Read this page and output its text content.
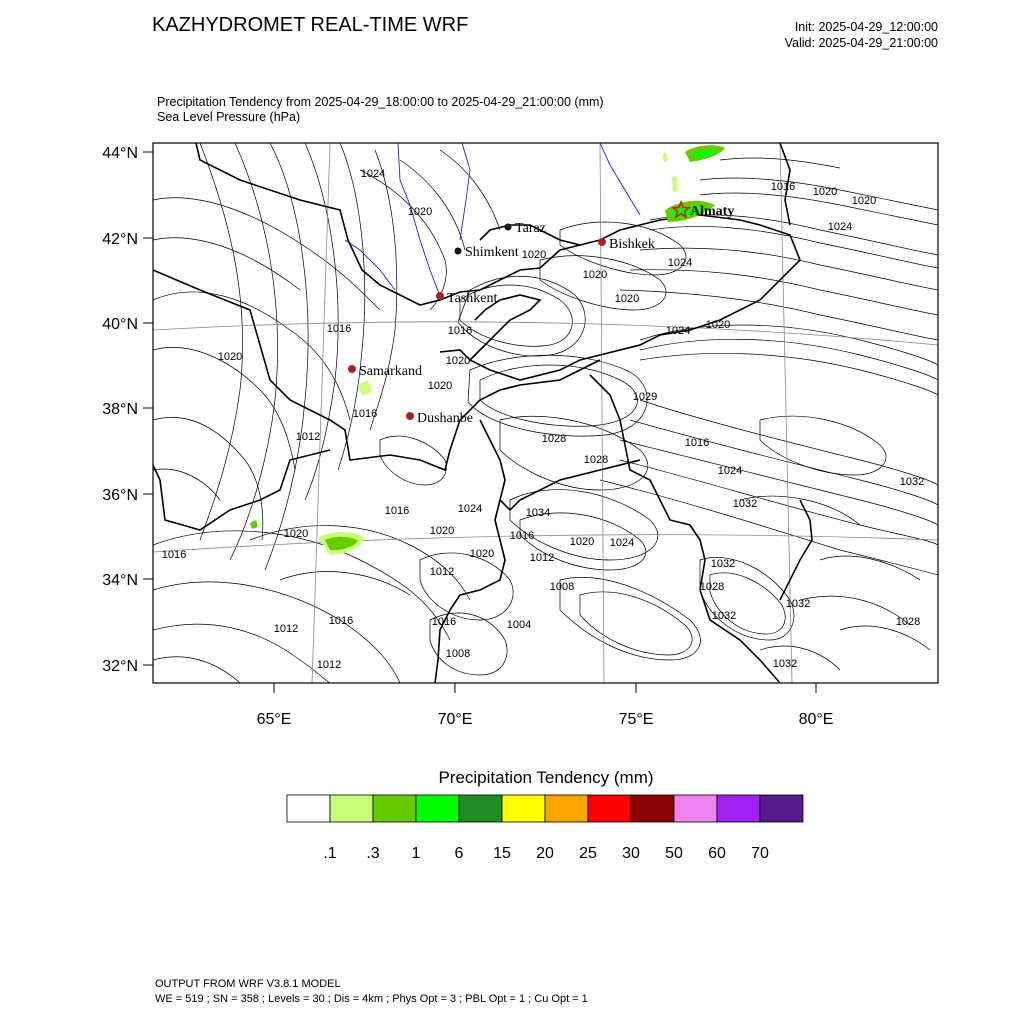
KAZHYDROMET REAL-TIME WRF	Init: 2025-04-29_12:00:00
Valid: 2025-04-29_21:00:00
Precipitation Tendency from 2025-04-29_18:00:00 to 2025-04-29_21:00:00 (mm)
Sea Level Pressure (hPa)
44°N
42°N
40°N
38°N
36°N
34°N
32°N
65°E	70°E	75°E	80°E
1024
1020
1020
1016 1020
1020
1024
1020
1020
1016
1020
1016
1020
1024
1020
1024
1020
1016
1012
1029
1028	1016
1024
1028
1032
1032
1016
1020
1024	1034
1020	1016	1020
1012
1012
1020
1024
1016
1008
1032
1028
1032
1032
1028
1012
1016	1016	1004
1012
1008
1032
Almaty
Taraz
Bishkek
Shimkent
Tashkent
Samarkand
Dushanbe
.1 .3 1 6 15 20 25 30 50 60 70
Precipitation Tendency (mm)
OUTPUT FROM WRF V3.8.1 MODEL
WE = 519 ; SN = 358 ; Levels = 30 ; Dis = 4km ; Phys Opt = 3 ; PBL Opt = 1 ; Cu Opt = 1
